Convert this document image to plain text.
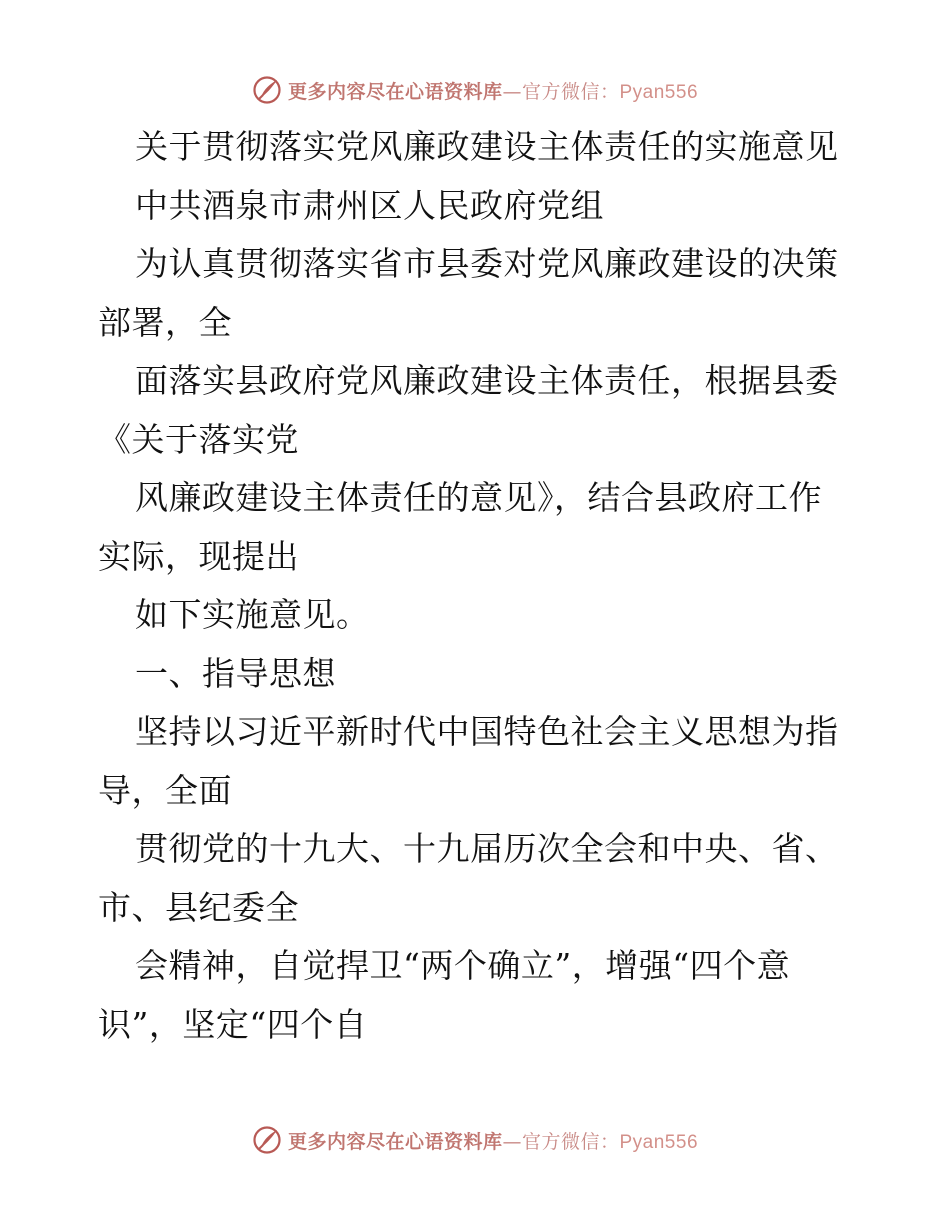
更多内容尽在心语资料库—官方微信：Pyan556
关于贯彻落实党风廉政建设主体责任的实施意见
中共酒泉市肃州区人民政府党组
为认真贯彻落实省市县委对党风廉政建设的决策
部署，全
面落实县政府党风廉政建设主体责任，根据县委
《关于落实党
风廉政建设主体责任的意见》，结合县政府工作
实际，现提出
如下实施意见。
一、指导思想
坚持以习近平新时代中国特色社会主义思想为指
导，全面
贯彻党的十九大、十九届历次全会和中央、省、
市、县纪委全
会精神，自觉捍卫“两个确立”，增强“四个意
识”，坚定“四个自
更多内容尽在心语资料库—官方微信：Pyan556
